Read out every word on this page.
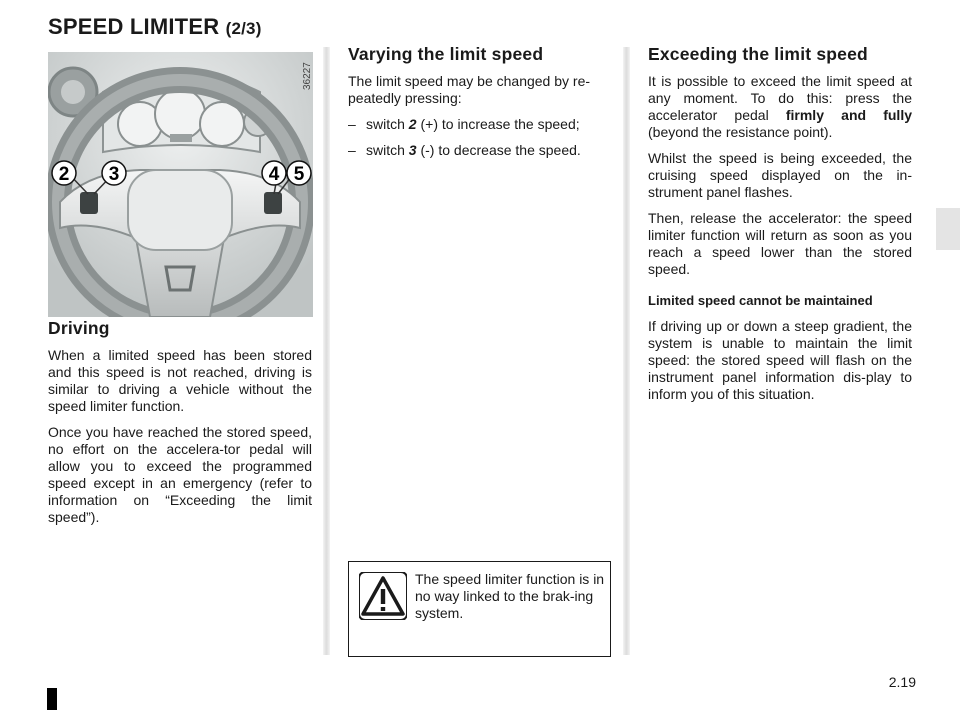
SPEED LIMITER (2/3)
2 3	4 5
36227
Driving

When a limited speed has been stored and this speed is not reached, driving is similar to driving a vehicle without the speed limiter function.

Once you have reached the stored speed, no effort on the accelera-tor pedal will allow you to exceed the programmed speed except in an emergency (refer to information on “Exceeding the limit speed”).

Varying the limit speed

The limit speed may be changed by re-peatedly pressing:

– switch 2 (+) to increase the speed;
– switch 3 (-) to decrease the speed.
The speed limiter function is in no way linked to the brak-ing system.
Exceeding the limit speed

It is possible to exceed the limit speed at any moment. To do this: press the accelerator pedal firmly and fully (beyond the resistance point).

Whilst the speed is being exceeded, the cruising speed displayed on the in-strument panel flashes.

Then, release the accelerator: the speed limiter function will return as soon as you reach a speed lower than the stored speed.

Limited speed cannot be maintained

If driving up or down a steep gradient, the system is unable to maintain the limit speed: the stored speed will flash on the instrument panel information dis-play to inform you of this situation.

2.19
